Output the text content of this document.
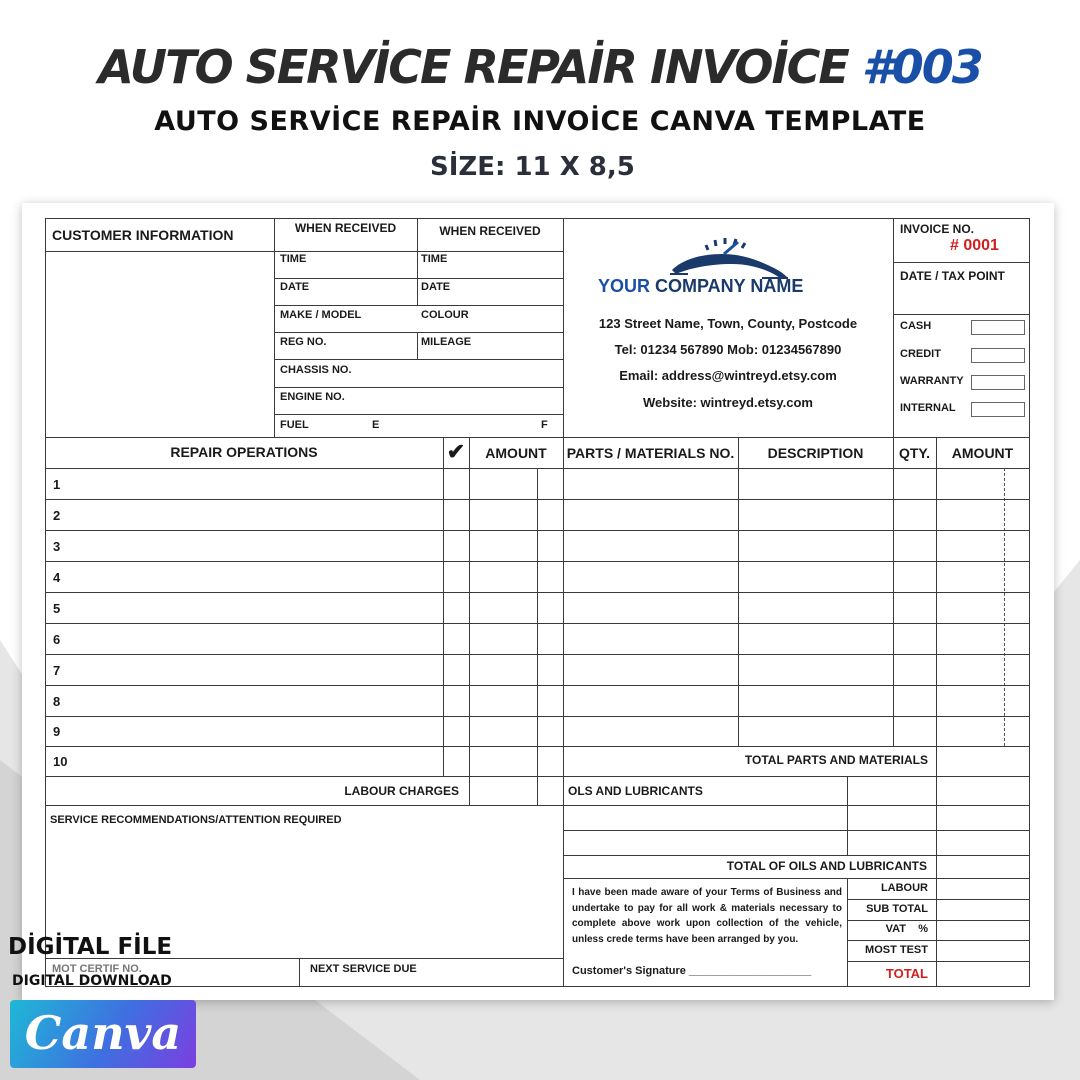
AUTO SERVİCE REPAİR INVOİCE #003
AUTO SERVİCE REPAİR INVOİCE CANVA TEMPLATE
SİZE: 11 X 8,5
CUSTOMER INFORMATION	WHEN RECEIVED	WHEN RECEIVED
TIME	TIME
DATE	DATE
MAKE / MODEL	COLOUR
REG NO.	MILEAGE
CHASSIS NO.
ENGINE NO.
FUEL	E	F
YOUR COMPANY NAME
123 Street Name, Town, County, Postcode
Tel: 01234 567890 Mob: 01234567890
Email: address@wintreyd.etsy.com
Website: wintreyd.etsy.com
INVOICE NO.
# 0001
DATE / TAX POINT
CASH
CREDIT
WARRANTY
INTERNAL
REPAIR OPERATIONS	✔	AMOUNT	PARTS / MATERIALS NO.	DESCRIPTION	QTY.	AMOUNT
1
2
3
4
5
6
7
8
9
10
LABOUR CHARGES
TOTAL PARTS AND MATERIALS
OLS AND LUBRICANTS
TOTAL OF OILS AND LUBRICANTS
SERVICE RECOMMENDATIONS/ATTENTION REQUIRED
MOT CERTIF NO.	NEXT SERVICE DUE
I have been made aware of your Terms of Business and undertake to pay for all work & materials necessary to complete above work upon collection of the vehicle, unless crede terms have been arranged by you.
Customer's Signature ____________________
LABOUR
SUB TOTAL
VAT    %
MOST TEST
TOTAL
DİGİTAL FİLE
DIGITAL DOWNLOAD
Canva
